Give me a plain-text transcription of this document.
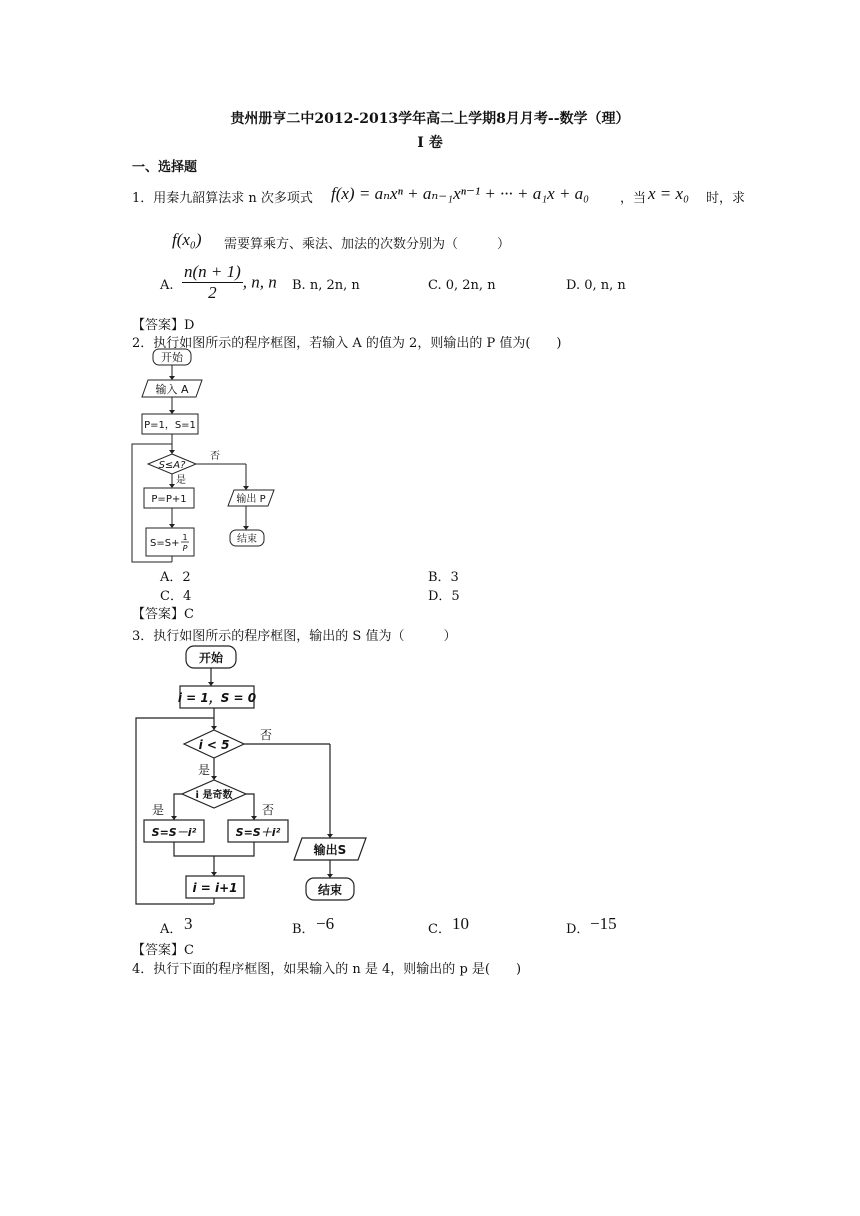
贵州册亨二中2012-2013学年高二上学期8月月考--数学（理）
I 卷
一、选择题
1．用秦九韶算法求 n 次多项式 f(x) = aₙxⁿ + aₙ₋₁xⁿ⁻¹ + ··· + a₁x + a₀ ，当 x = x₀ 时，求
f(x₀) 需要算乘方、乘法、加法的次数分别为（　　　）
A. $\frac{n(n + 1)}{2}$ , n, n B. n, 2n, n	C. 0, 2n, n	D. 0, n, n
【答案】D
2．执行如图所示的程序框图，若输入 A 的值为 2，则输出的 P 值为(　　)
开始
输入 A
P=1，S=1
S≤A?
否
是
P=P+1
S=S+
1
P
输出 P
结束
A．2	B．3
C．4	D．5
【答案】C
3．执行如图所示的程序框图，输出的 S 值为（　　　）
开始
i = 1，S = 0
i < 5
否
是
i 是奇数
是	否
S=S－i²	S=S＋i²
i = i+1
输出S
结束
A． 3	B． −6	C． 10	D． −15
【答案】C
4．执行下面的程序框图，如果输入的 n 是 4，则输出的 p 是(　　)
